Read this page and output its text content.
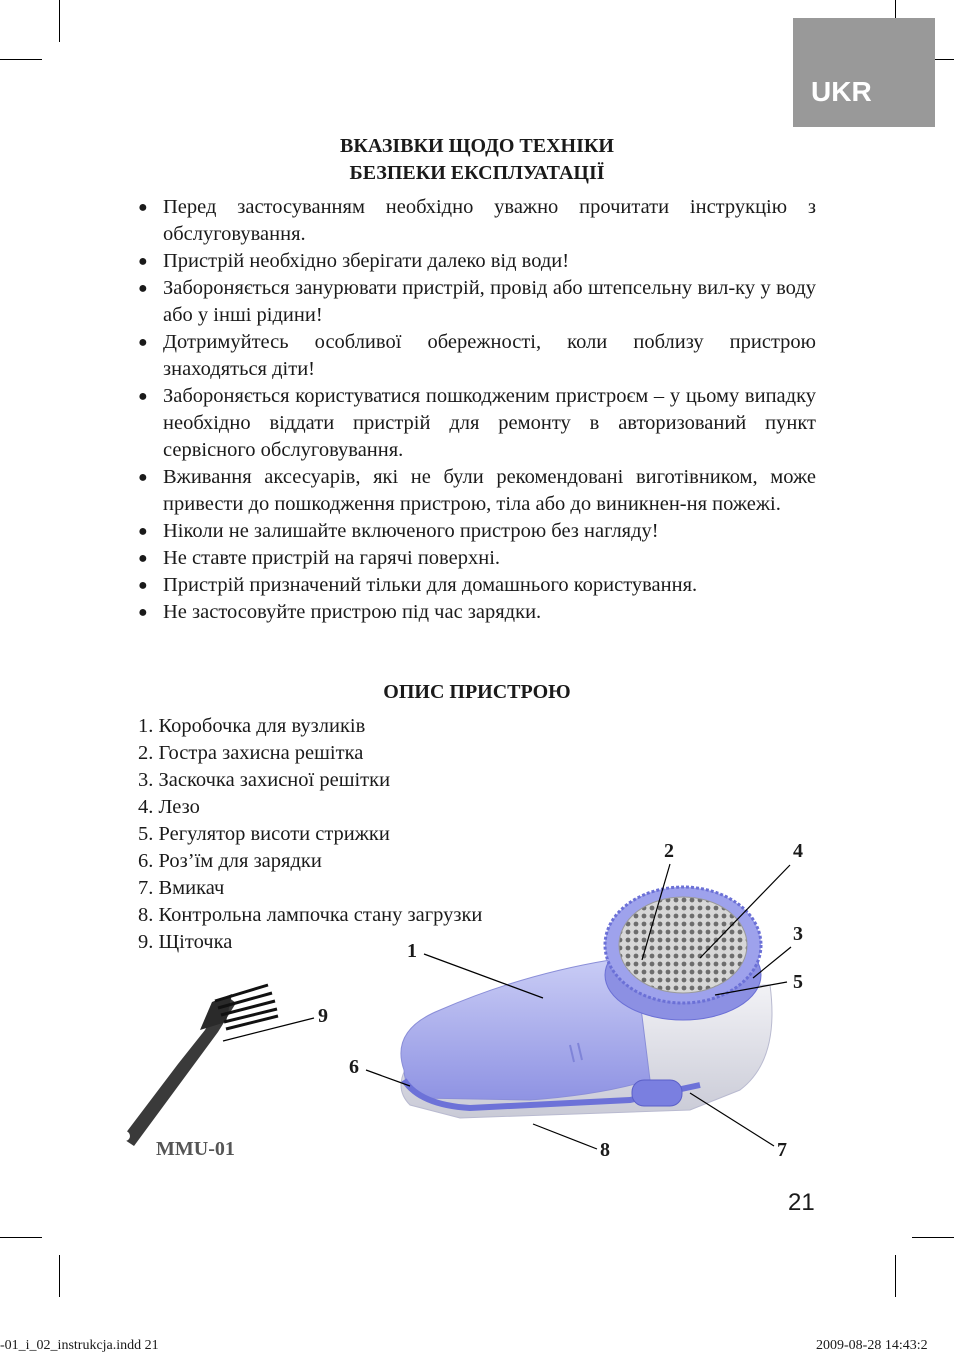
UKR
ВКАЗІВКИ ЩОДО ТЕХНІКИ
БЕЗПЕКИ ЕКСПЛУАТАЦІЇ
● Перед застосуванням необхідно уважно прочитати інструкцію з обслуговування.
● Пристрій необхідно зберігати далеко від води!
● Забороняється занурювати пристрій, провід або штепсельну вил-ку у воду або у інші рідини!
● Дотримуйтесь особливої обережності, коли поблизу пристрою знаходяться діти!
● Забороняється користуватися пошкодженим пристроєм – у цьому випадку необхідно віддати пристрій для ремонту в авторизований пункт сервісного обслуговування.
● Вживання аксесуарів, які не були рекомендовані виготівником, може привести до пошкодження пристрою, тіла або до виникнен-ня пожежі.
● Ніколи не залишайте включеного пристрою без нагляду!
● Не ставте пристрій на гарячі поверхні.
● Пристрій призначений тільки для домашнього користування.
● Не застосовуйте пристрою під час зарядки.
ОПИС ПРИСТРОЮ
1. Коробочка для вузликів
2. Гостра захисна решітка
3. Заскочка захисної решітки
4. Лезо
5. Регулятор висоти стрижки
6. Роз’їм для зарядки
7. Вмикач
8. Контрольна лампочка стану загрузки
9. Щіточка	1
2
3
4
5
6
7
8
9
MMU-01
21
-01_i_02_instrukcja.indd 21	2009-08-28 14:43:2
